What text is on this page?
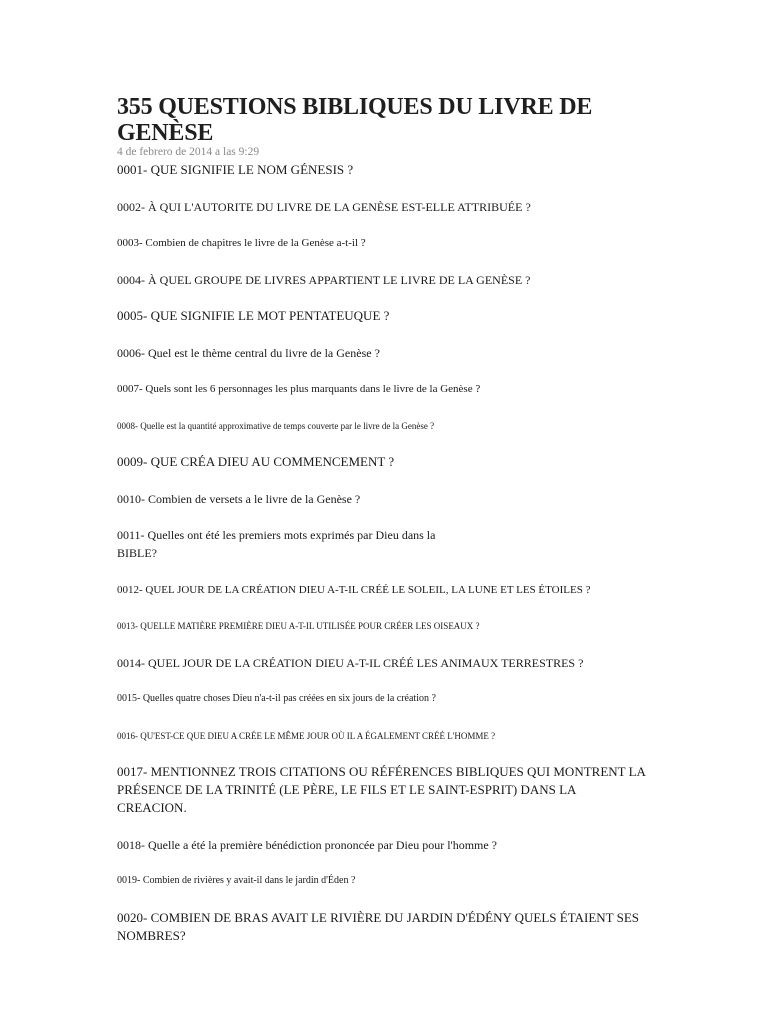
355 QUESTIONS BIBLIQUES DU LIVRE DE GENÈSE
4 de febrero de 2014 a las 9:29
0001- QUE SIGNIFIE LE NOM GÉNESIS ?
0002- À QUI L'AUTORITE DU LIVRE DE LA GENÈSE EST-ELLE ATTRIBUÉE ?
0003- Combien de chapitres le livre de la Genèse a-t-il ?
0004- À QUEL GROUPE DE LIVRES APPARTIENT LE LIVRE DE LA GENÈSE ?
0005- QUE SIGNIFIE LE MOT PENTATEUQUE ?
0006- Quel est le thème central du livre de la Genèse ?
0007- Quels sont les 6 personnages les plus marquants dans le livre de la Genèse ?
0008- Quelle est la quantité approximative de temps couverte par le livre de la Genèse ?
0009- QUE CRÉA DIEU AU COMMENCEMENT ?
0010- Combien de versets a le livre de la Genèse ?
0011- Quelles ont été les premiers mots exprimés par Dieu dans la
BIBLE?
0012- QUEL JOUR DE LA CRÉATION DIEU A-T-IL CRÉÉ LE SOLEIL, LA LUNE ET LES ÉTOILES ?
0013- QUELLE MATIÈRE PREMIÈRE DIEU A-T-IL UTILISÉE POUR CRÉER LES OISEAUX ?
0014- QUEL JOUR DE LA CRÉATION DIEU A-T-IL CRÉÉ LES ANIMAUX TERRESTRES ?
0015- Quelles quatre choses Dieu n'a-t-il pas créées en six jours de la création ?
0016- QU'EST-CE QUE DIEU A CRÉE LE MÊME JOUR OÙ IL A ÉGALEMENT CRÉÉ L'HOMME ?
0017- MENTIONNEZ TROIS CITATIONS OU RÉFÉRENCES BIBLIQUES QUI MONTRENT LA
PRÉSENCE DE LA TRINITÉ (LE PÈRE, LE FILS ET LE SAINT-ESPRIT) DANS LA
CREACION.
0018- Quelle a été la première bénédiction prononcée par Dieu pour l'homme ?
0019- Combien de rivières y avait-il dans le jardin d'Éden ?
0020- COMBIEN DE BRAS AVAIT LE RIVIÈRE DU JARDIN D'ÉDÉNY QUELS ÉTAIENT SES
NOMBRES?
